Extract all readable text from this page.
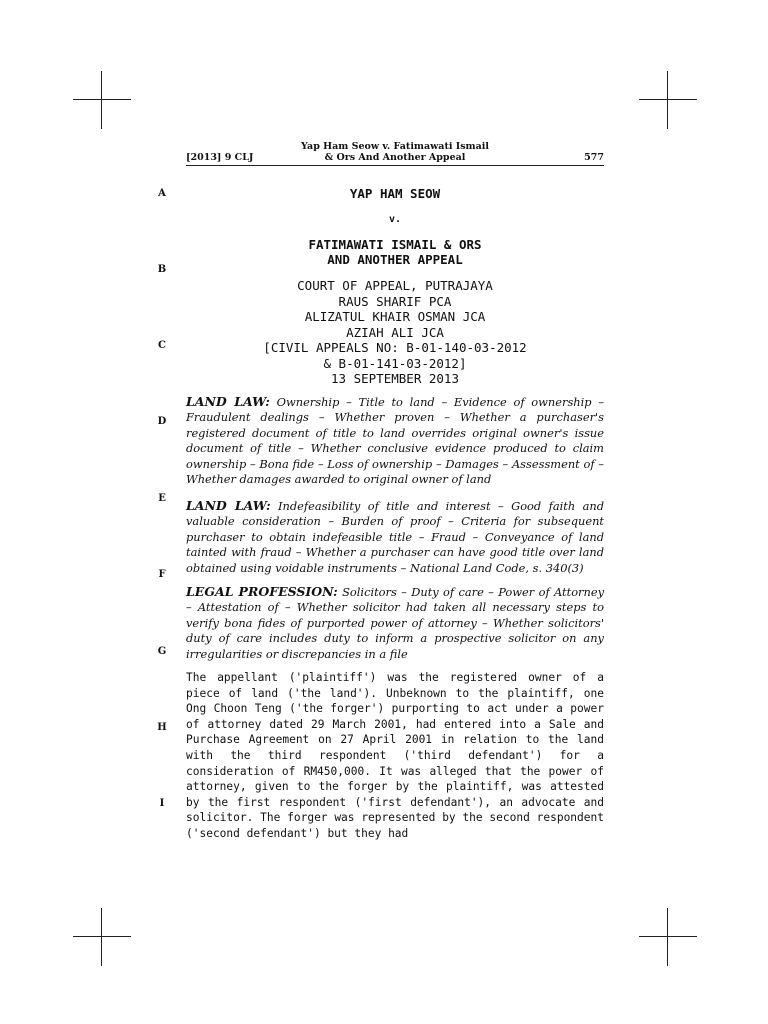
[2013] 9 CLJ
Yap Ham Seow v. Fatimawati Ismail
& Ors And Another Appeal	577
A
B
C
D
E
F
G
H
I
YAP HAM SEOW
v.
FATIMAWATI ISMAIL & ORS
AND ANOTHER APPEAL
COURT OF APPEAL, PUTRAJAYA
RAUS SHARIF PCA
ALIZATUL KHAIR OSMAN JCA
AZIAH ALI JCA
[CIVIL APPEALS NO: B-01-140-03-2012
& B-01-141-03-2012]
13 SEPTEMBER 2013
LAND LAW: Ownership – Title to land – Evidence of ownership – Fraudulent dealings – Whether proven – Whether a purchaser's registered document of title to land overrides original owner's issue document of title – Whether conclusive evidence produced to claim ownership – Bona fide – Loss of ownership – Damages – Assessment of – Whether damages awarded to original owner of land
LAND LAW: Indefeasibility of title and interest – Good faith and valuable consideration – Burden of proof – Criteria for subsequent purchaser to obtain indefeasible title – Fraud – Conveyance of land tainted with fraud – Whether a purchaser can have good title over land obtained using voidable instruments – National Land Code, s. 340(3)
LEGAL PROFESSION: Solicitors – Duty of care – Power of Attorney – Attestation of – Whether solicitor had taken all necessary steps to verify bona fides of purported power of attorney – Whether solicitors' duty of care includes duty to inform a prospective solicitor on any irregularities or discrepancies in a file
The appellant ('plaintiff') was the registered owner of a piece of land ('the land'). Unbeknown to the plaintiff, one Ong Choon Teng ('the forger') purporting to act under a power of attorney dated 29 March 2001, had entered into a Sale and Purchase Agreement on 27 April 2001 in relation to the land with the third respondent ('third defendant') for a consideration of RM450,000. It was alleged that the power of attorney, given to the forger by the plaintiff, was attested by the first respondent ('first defendant'), an advocate and solicitor. The forger was represented by the second respondent ('second defendant') but they had
